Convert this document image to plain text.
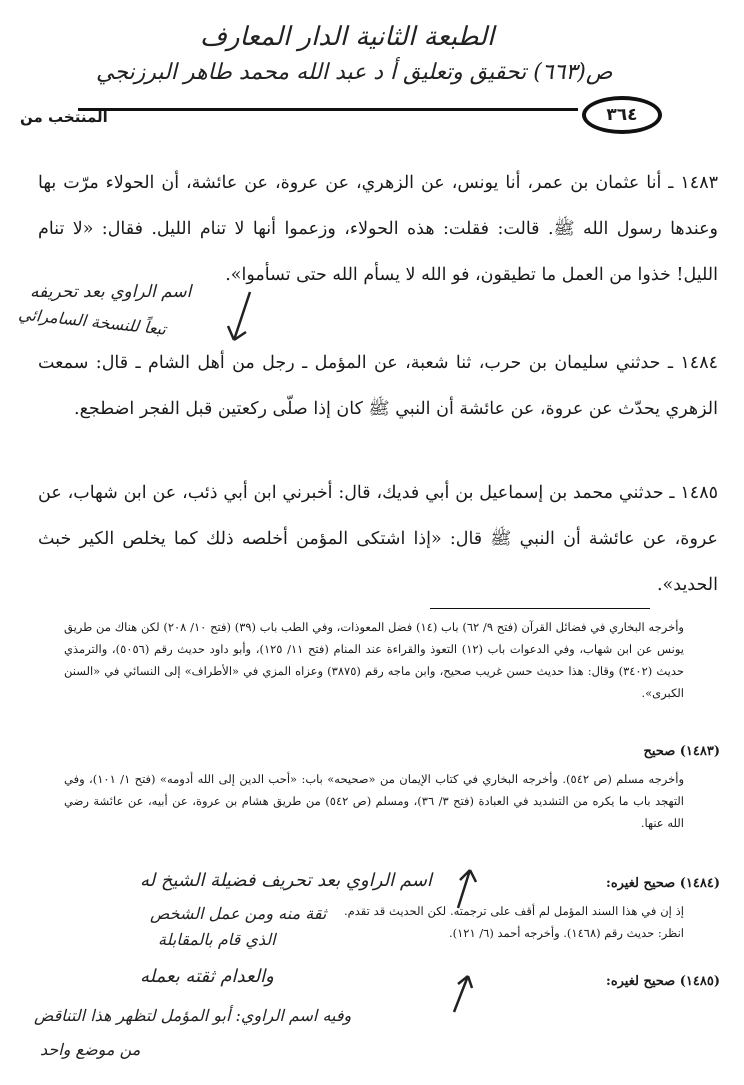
الطبعة الثانية الدار المعارف
ص(٦٦٣) تحقيق وتعليق أ د عبد الله محمد طاهر البرزنجي
٣٦٤
المنتخب من
١٤٨٣ ـ أنا عثمان بن عمر، أنا يونس، عن الزهري، عن عروة، عن عائشة، أن الحولاء مرّت بها وعندها رسول الله ﷺ. قالت: فقلت: هذه الحولاء، وزعموا أنها لا تنام الليل. فقال: «لا تنام الليل! خذوا من العمل ما تطيقون، فو الله لا يسأم الله حتى تسأموا».
١٤٨٤ ـ حدثني سليمان بن حرب، ثنا شعبة، عن المؤمل ـ رجل من أهل الشام ـ قال: سمعت الزهري يحدّث عن عروة، عن عائشة أن النبي ﷺ كان إذا صلّى ركعتين قبل الفجر اضطجع.
١٤٨٥ ـ حدثني محمد بن إسماعيل بن أبي فديك، قال: أخبرني ابن أبي ذئب، عن ابن شهاب، عن عروة، عن عائشة أن النبي ﷺ قال: «إذا اشتكى المؤمن أخلصه ذلك كما يخلص الكير خبث الحديد».
اسم الراوي بعد تحريفه
تبعاً للنسخة السامرائي
وأخرجه البخاري في فضائل القرآن (فتح ٩/ ٦٢) باب (١٤) فضل المعوذات، وفي الطب باب (٣٩) (فتح ١٠/ ٢٠٨) لكن هناك من طريق يونس عن ابن شهاب، وفي الدعوات باب (١٢) التعوذ والقراءة عند المنام (فتح ١١/ ١٢٥)، وأبو داود حديث رقم (٥٠٥٦)، والترمذي حديث (٣٤٠٢) وقال: هذا حديث حسن غريب صحيح، وابن ماجه رقم (٣٨٧٥) وعزاه المزي في «الأطراف» إلى النسائي في «السنن الكبرى».
(١٤٨٣) صحيح
وأخرجه مسلم (ص ٥٤٢). وأخرجه البخاري في كتاب الإيمان من «صحيحه» باب: «أحب الدين إلى الله أدومه» (فتح ١/ ١٠١)، وفي التهجد باب ما يكره من التشديد في العبادة (فتح ٣/ ٣٦)، ومسلم (ص ٥٤٢) من طريق هشام بن عروة، عن أبيه، عن عائشة رضي الله عنها.
(١٤٨٤) صحيح لغيره:
إذ إن في هذا السند المؤمل لم أقف على ترجمته. لكن الحديث قد تقدم. انظر: حديث رقم (١٤٦٨). وأخرجه أحمد (٦/ ١٢١).
(١٤٨٥) صحيح لغيره:
اسم الراوي بعد تحريف فضيلة الشيخ له
ثقة منه ومن عمل الشخص
الذي قام بالمقابلة
والعدام ثقته بعمله
وفيه اسم الراوي: أبو المؤمل لتظهر هذا التناقض
من موضع واحد
